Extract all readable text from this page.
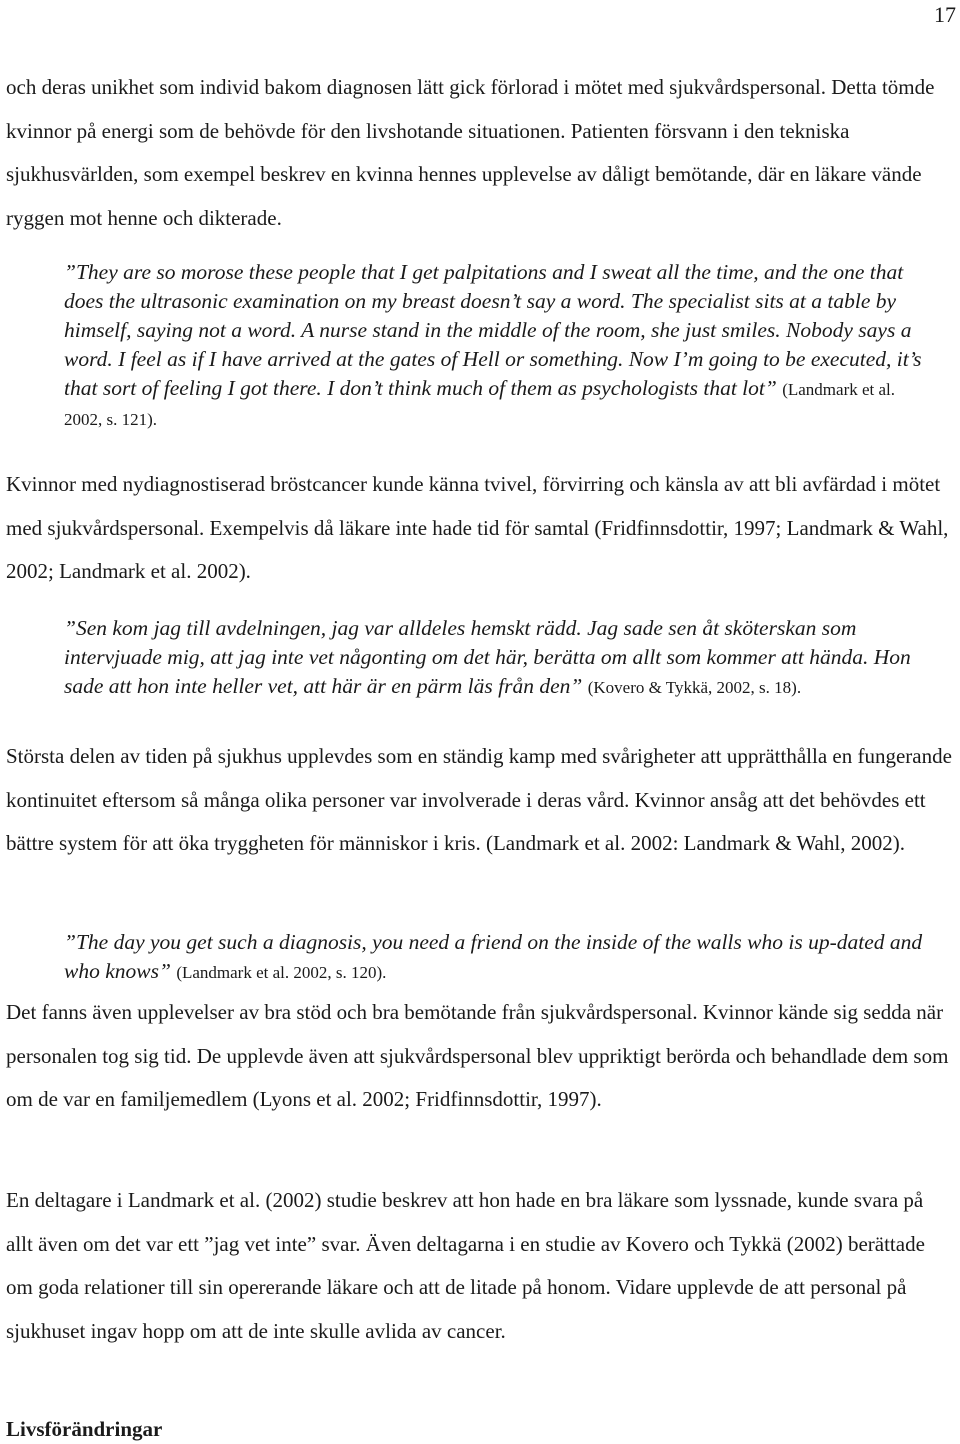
17

och deras unikhet som individ bakom diagnosen lätt gick förlorad i mötet med sjukvårdspersonal. Detta tömde kvinnor på energi som de behövde för den livshotande situationen. Patienten försvann i den tekniska sjukhusvärlden, som exempel beskrev en kvinna hennes upplevelse av dåligt bemötande, där en läkare vände ryggen mot henne och dikterade.

”They are so morose these people that I get palpitations and I sweat all the time, and the one that does the ultrasonic examination on my breast doesn’t say a word. The specialist sits at a table by himself, saying not a word. A nurse stand in the middle of the room, she just smiles. Nobody says a word. I feel as if I have arrived at the gates of Hell or something. Now I’m going to be executed, it’s that sort of feeling I got there. I don’t think much of them as psychologists that lot” (Landmark et al. 2002, s. 121).

Kvinnor med nydiagnostiserad bröstcancer kunde känna tvivel, förvirring och känsla av att bli avfärdad i mötet med sjukvårdspersonal. Exempelvis då läkare inte hade tid för samtal (Fridfinnsdottir, 1997; Landmark & Wahl, 2002; Landmark et al. 2002).

”Sen kom jag till avdelningen, jag var alldeles hemskt rädd. Jag sade sen åt sköterskan som intervjuade mig, att jag inte vet någonting om det här, berätta om allt som kommer att hända. Hon sade att hon inte heller vet, att här är en pärm läs från den” (Kovero & Tykkä, 2002, s. 18).

Största delen av tiden på sjukhus upplevdes som en ständig kamp med svårigheter att upprätthålla en fungerande kontinuitet eftersom så många olika personer var involverade i deras vård. Kvinnor ansåg att det behövdes ett bättre system för att öka tryggheten för människor i kris. (Landmark et al. 2002: Landmark & Wahl, 2002).

”The day you get such a diagnosis, you need a friend on the inside of the walls who is up-dated and who knows” (Landmark et al. 2002, s. 120).

Det fanns även upplevelser av bra stöd och bra bemötande från sjukvårdspersonal. Kvinnor kände sig sedda när personalen tog sig tid. De upplevde även att sjukvårdspersonal blev uppriktigt berörda och behandlade dem som om de var en familjemedlem (Lyons et al. 2002; Fridfinnsdottir, 1997).

En deltagare i Landmark et al. (2002) studie beskrev att hon hade en bra läkare som lyssnade, kunde svara på allt även om det var ett ”jag vet inte” svar. Även deltagarna i en studie av Kovero och Tykkä (2002) berättade om goda relationer till sin opererande läkare och att de litade på honom. Vidare upplevde de att personal på sjukhuset ingav hopp om att de inte skulle avlida av cancer.

Livsförändringar
